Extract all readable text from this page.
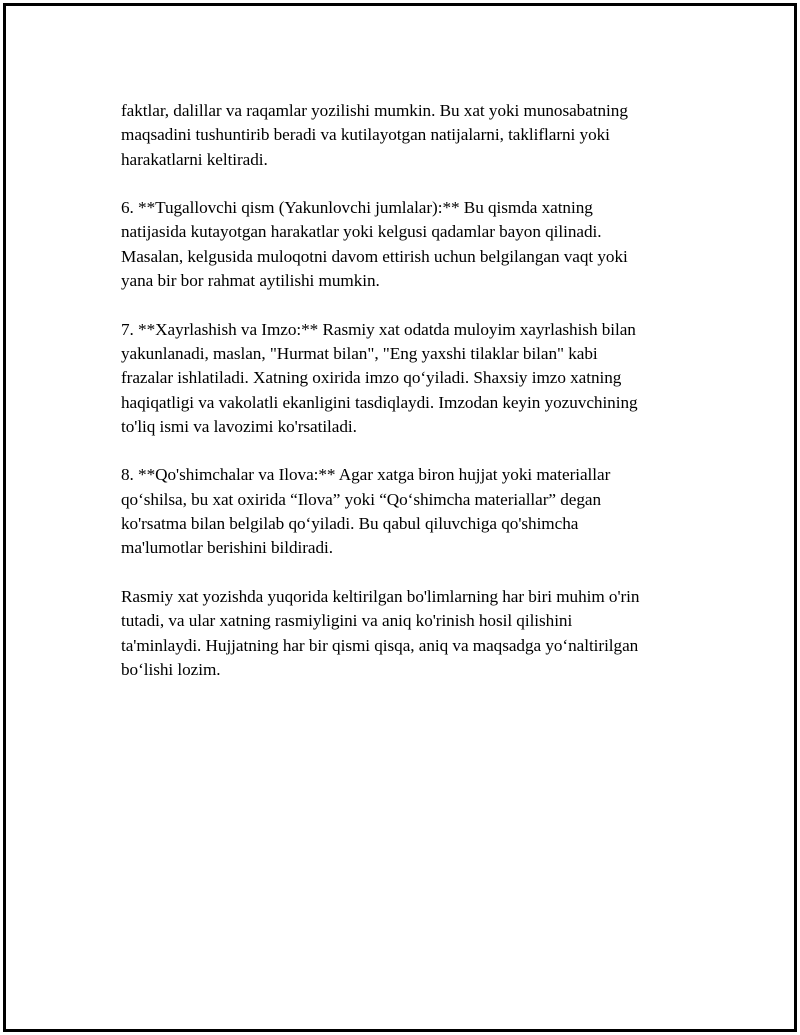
faktlar, dalillar va raqamlar yozilishi mumkin. Bu xat yoki munosabatning
maqsadini tushuntirib beradi va kutilayotgan natijalarni, takliflarni yoki
harakatlarni keltiradi.

6. **Tugallovchi qism (Yakunlovchi jumlalar):** Bu qismda xatning
natijasida kutayotgan harakatlar yoki kelgusi qadamlar bayon qilinadi.
Masalan, kelgusida muloqotni davom ettirish uchun belgilangan vaqt yoki
yana bir bor rahmat aytilishi mumkin.

7. **Xayrlashish va Imzo:** Rasmiy xat odatda muloyim xayrlashish bilan
yakunlanadi, maslan, "Hurmat bilan", "Eng yaxshi tilaklar bilan" kabi
frazalar ishlatiladi. Xatning oxirida imzo qo‘yiladi. Shaxsiy imzo xatning
haqiqatligi va vakolatli ekanligini tasdiqlaydi. Imzodan keyin yozuvchining
to'liq ismi va lavozimi ko'rsatiladi.

8. **Qo'shimchalar va Ilova:** Agar xatga biron hujjat yoki materiallar
qo‘shilsa, bu xat oxirida “Ilova” yoki “Qo‘shimcha materiallar” degan
ko'rsatma bilan belgilab qo‘yiladi. Bu qabul qiluvchiga qo'shimcha
ma'lumotlar berishini bildiradi.

Rasmiy xat yozishda yuqorida keltirilgan bo'limlarning har biri muhim o'rin
tutadi, va ular xatning rasmiyligini va aniq ko'rinish hosil qilishini
ta'minlaydi. Hujjatning har bir qismi qisqa, aniq va maqsadga yo‘naltirilgan
bo‘lishi lozim.
